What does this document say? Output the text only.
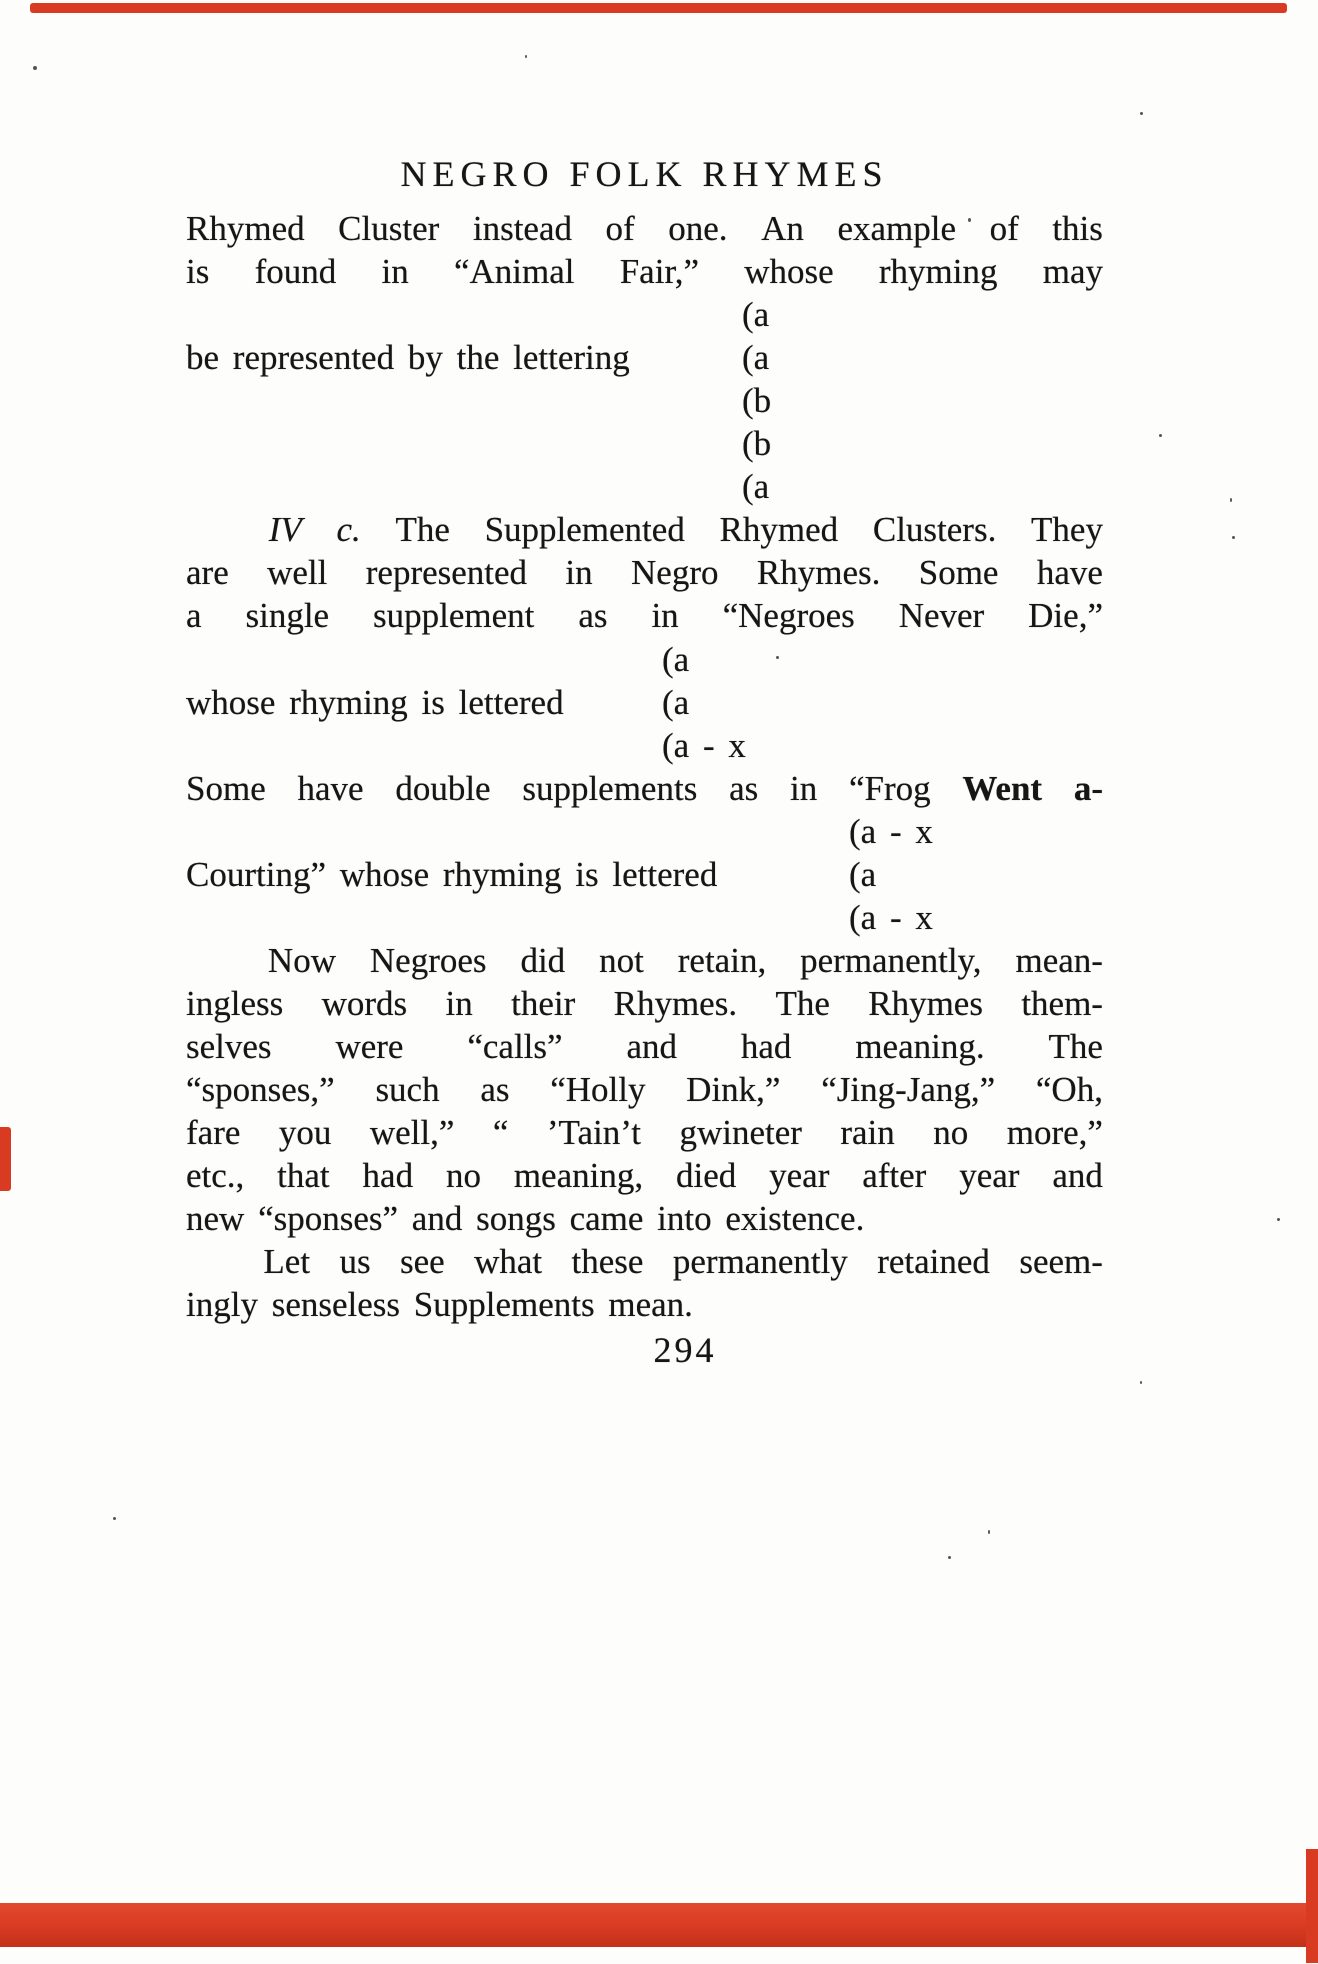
NEGRO FOLK RHYMES
Rhymed Cluster instead of one. An example of this
is found in “Animal Fair,” whose rhyming may
(a
be represented by the lettering	(a
(b
(b
(a
IV c. The Supplemented Rhymed Clusters. They
are well represented in Negro Rhymes. Some have
a single supplement as in “Negroes Never Die,”
(a
whose rhyming is lettered	(a
(a - x
Some have double supplements as in “Frog Went a-
(a - x
Courting” whose rhyming is lettered	(a
(a - x
Now Negroes did not retain, permanently, mean-
ingless words in their Rhymes. The Rhymes them-
selves were “calls” and had meaning. The
“sponses,” such as “Holly Dink,” “Jing-Jang,” “Oh,
fare you well,” “ ’Tain’t gwineter rain no more,”
etc., that had no meaning, died year after year and
new “sponses” and songs came into existence.
Let us see what these permanently retained seem-
ingly senseless Supplements mean.
294
